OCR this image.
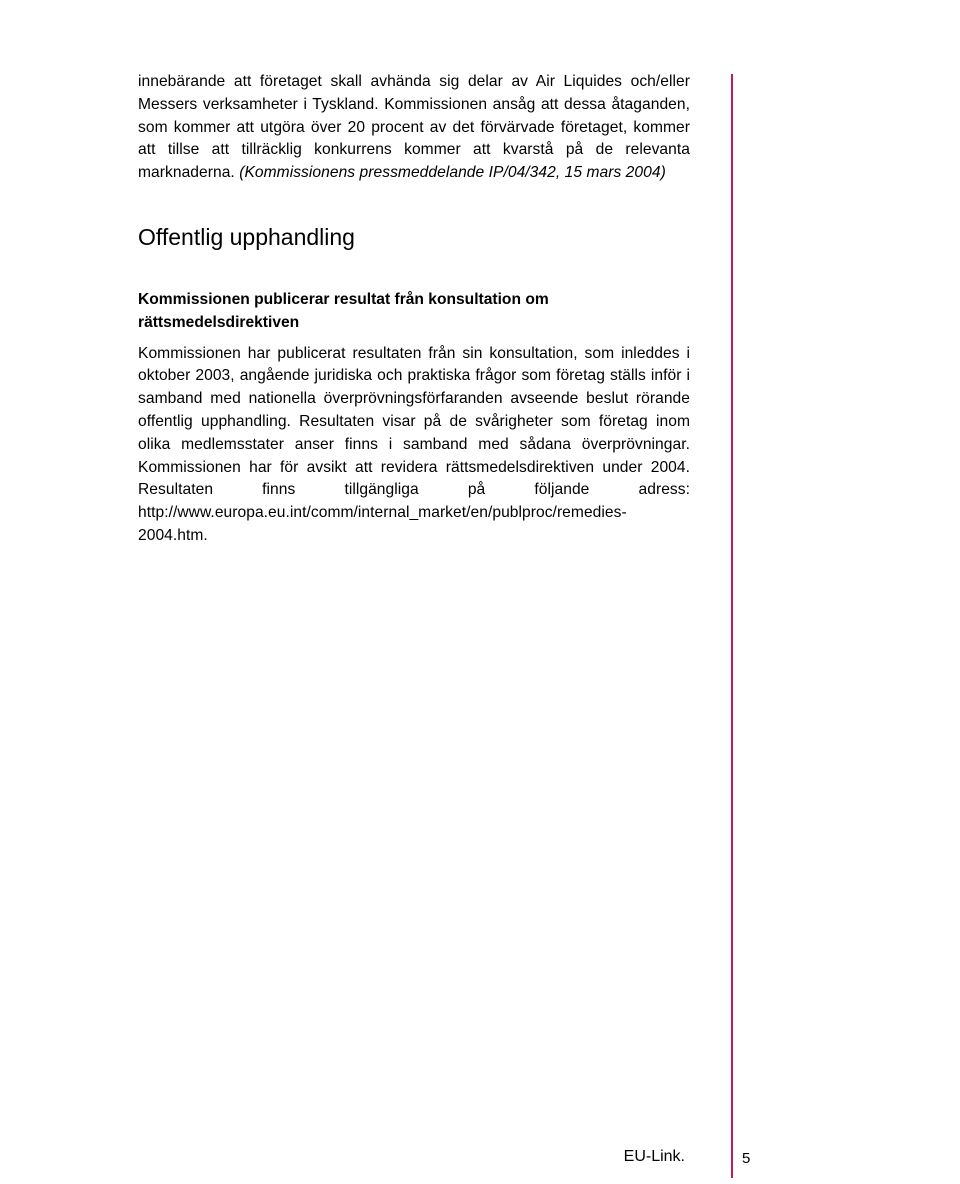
innebärande att företaget skall avhända sig delar av Air Liquides och/eller Messers verksamheter i Tyskland. Kommissionen ansåg att dessa åtaganden, som kommer att utgöra över 20 procent av det förvärvade företaget, kommer att tillse att tillräcklig konkurrens kommer att kvarstå på de relevanta marknaderna. (Kommissionens pressmeddelande IP/04/342, 15 mars 2004)

Offentlig upphandling
Kommissionen publicerar resultat från konsultation om rättsmedelsdirektiven

Kommissionen har publicerat resultaten från sin konsultation, som inleddes i oktober 2003, angående juridiska och praktiska frågor som företag ställs inför i samband med nationella överprövningsförfaranden avseende beslut rörande offentlig upphandling. Resultaten visar på de svårigheter som företag inom olika medlemsstater anser finns i samband med sådana överprövningar. Kommissionen har för avsikt att revidera rättsmedelsdirektiven under 2004. Resultaten finns tillgängliga på följande adress: http://www.europa.eu.int/comm/internal_market/en/publproc/remedies-2004.htm.

EU-Link.	5
